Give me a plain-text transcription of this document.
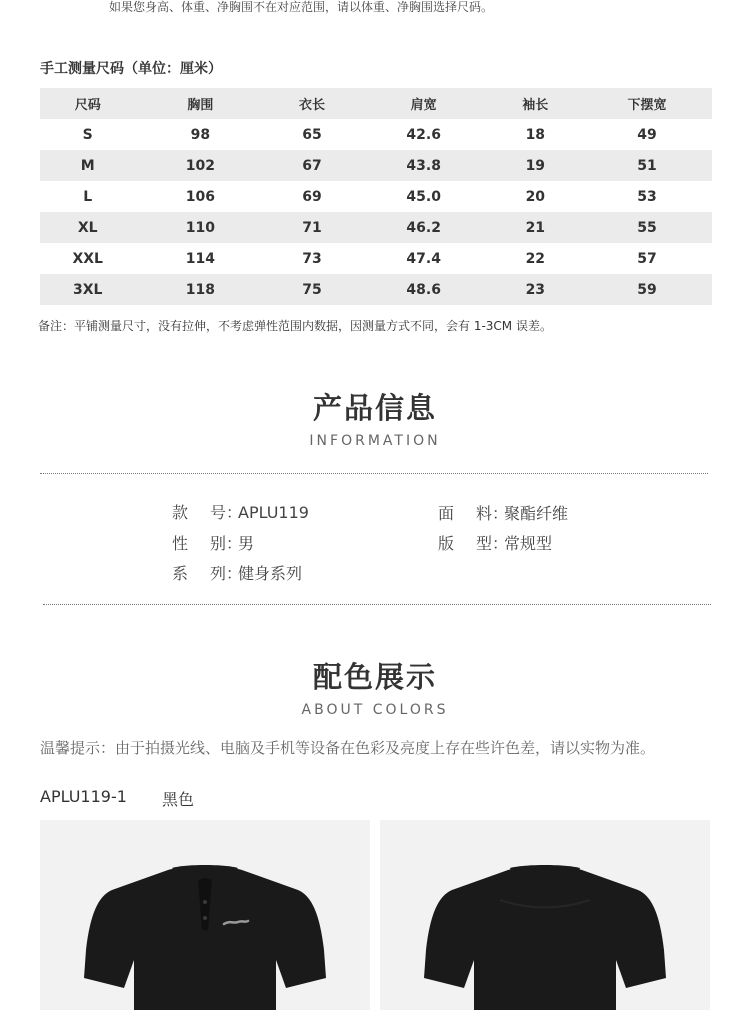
如果您身高、体重、净胸围不在对应范围，请以体重、净胸围选择尺码。
手工测量尺码（单位：厘米）
尺码	胸围	衣长	肩宽	袖长	下摆宽
S	98	65	42.6	18	49
M	102	67	43.8	19	51
L	106	69	45.0	20	53
XL	110	71	46.2	21	55
XXL	114	73	47.4	22	57
3XL	118	75	48.6	23	59
备注：平铺测量尺寸，没有拉伸，不考虑弹性范围内数据，因测量方式不同，会有 1-3CM 误差。
产品信息
INFORMATION
款号：APLU119	面料：聚酯纤维
性别：男	版型：常规型
系列：健身系列
配色展示
ABOUT COLORS
温馨提示：由于拍摄光线、电脑及手机等设备在色彩及亮度上存在些许色差，请以实物为准。
APLU119-1 黑色
